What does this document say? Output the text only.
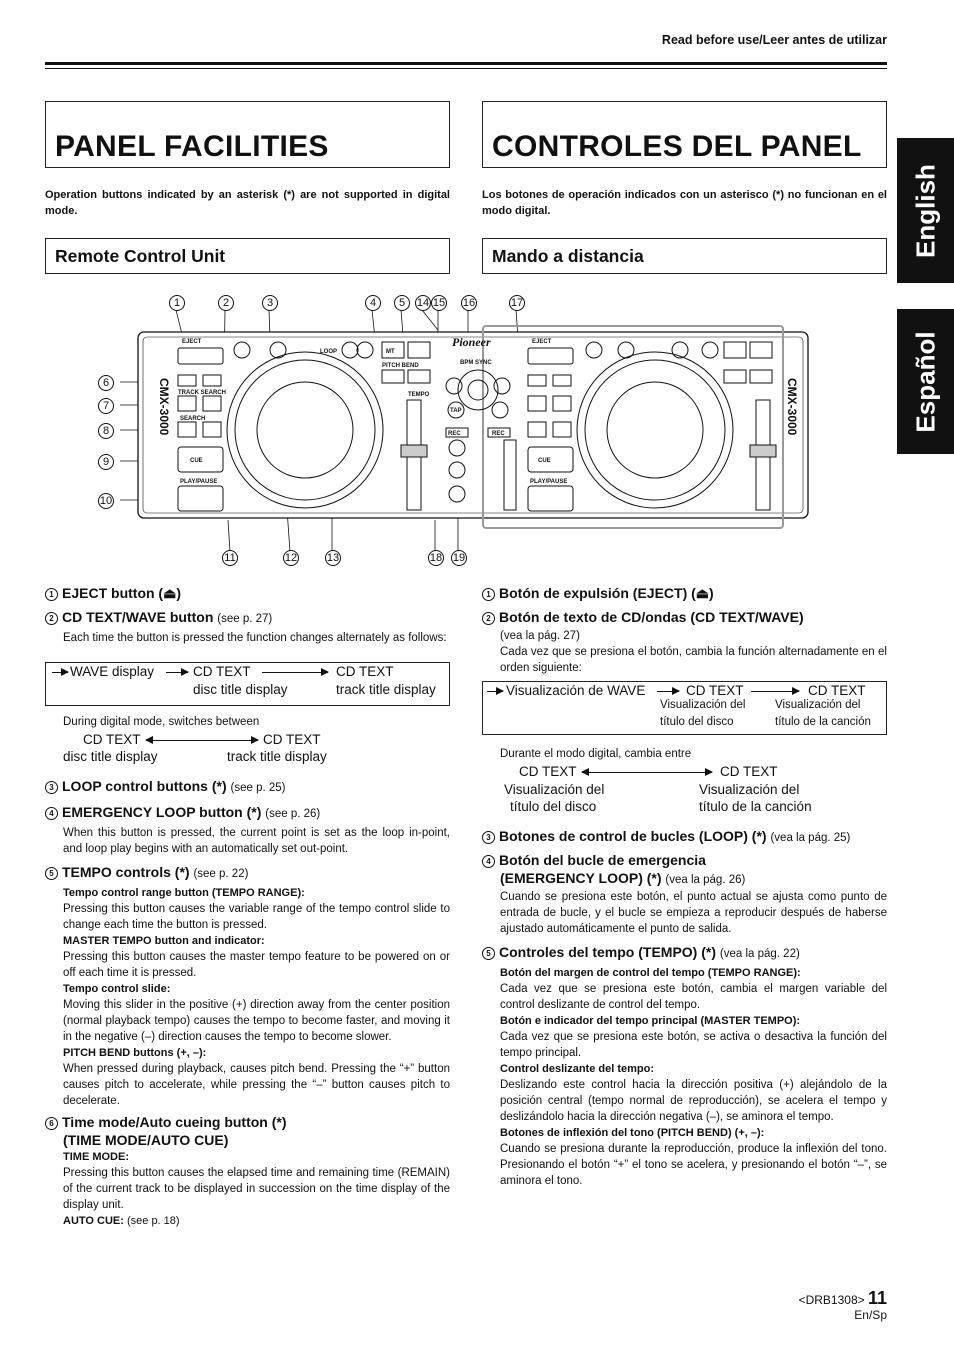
Read before use/Leer antes de utilizar
PANEL FACILITIES	CONTROLES DEL PANEL
Operation buttons indicated by an asterisk (*) are not supported in digital mode.
Los botones de operación indicados con un asterisco (*) no funcionan en el modo digital.
Remote Control Unit	Mando a distancia	English
Español
EJECT
CUE
PLAY/PAUSE
TRACK SEARCH
SEARCH
LOOP
PITCH BEND
TEMPO
MT
BPM SYNC
TAP
REC	REC
CUE
EJECT
PLAY/PAUSE
Pioneer
CMX-3000	CMX-3000
1	2	3	4	5	14 15 16	17
6
7
8
9
10
11	12	13	18 19
1 EJECT button (⏏)
2 CD TEXT/WAVE button (see p. 27)
Each time the button is pressed the function changes alternately as follows:
WAVE display	CD TEXT
disc title display
CD TEXT
track title display
During digital mode, switches between
CD TEXT
disc title display
CD TEXT
track title display
3 LOOP control buttons (*) (see p. 25)
4 EMERGENCY LOOP button (*) (see p. 26)
When this button is pressed, the current point is set as the loop in-point, and loop play begins with an automatically set out-point.
5 TEMPO controls (*) (see p. 22)
Tempo control range button (TEMPO RANGE):
Pressing this button causes the variable range of the tempo control slide to change each time the button is pressed.
MASTER TEMPO button and indicator:
Pressing this button causes the master tempo feature to be powered on or off each time it is pressed.
Tempo control slide:
Moving this slider in the positive (+) direction away from the center position (normal playback tempo) causes the tempo to become faster, and moving it in the negative (–) direction causes the tempo to become slower.
PITCH BEND buttons (+, –):
When pressed during playback, causes pitch bend. Pressing the “+” button causes pitch to accelerate, while pressing the “–” button causes pitch to decelerate.
6 Time mode/Auto cueing button (*)
(TIME MODE/AUTO CUE)
TIME MODE:
Pressing this button causes the elapsed time and remaining time (REMAIN) of the current track to be displayed in succession on the time display of the display unit.
AUTO CUE: (see p. 18)
1 Botón de expulsión (EJECT) (⏏)
2 Botón de texto de CD/ondas (CD TEXT/WAVE)
(vea la pág. 27)
Cada vez que se presiona el botón, cambia la función alternadamente en el orden siguiente:
Visualización de WAVE	CD TEXT
Visualización del
título del disco
CD TEXT
Visualización del
título de la canción
Durante el modo digital, cambia entre
CD TEXT
Visualización del
título del disco
CD TEXT
Visualización del
título de la canción
3 Botones de control de bucles (LOOP) (*) (vea la pág. 25)
4 Botón del bucle de emergencia
(EMERGENCY LOOP) (*) (vea la pág. 26)
Cuando se presiona este botón, el punto actual se ajusta como punto de entrada de bucle, y el bucle se empieza a reproducir después de haberse ajustado automáticamente el punto de salida.
5 Controles del tempo (TEMPO) (*) (vea la pág. 22)
Botón del margen de control del tempo (TEMPO RANGE):
Cada vez que se presiona este botón, cambia el margen variable del control deslizante de control del tempo.
Botón e indicador del tempo principal (MASTER TEMPO):
Cada vez que se presiona este botón, se activa o desactiva la función del tempo principal.
Control deslizante del tempo:
Deslizando este control hacia la dirección positiva (+) alejándolo de la posición central (tempo normal de reproducción), se acelera el tempo y deslizándolo hacia la dirección negativa (–), se aminora el tempo.
Botones de inflexión del tono (PITCH BEND) (+, –):
Cuando se presiona durante la reproducción, produce la inflexión del tono. Presionando el botón “+” el tono se acelera, y presionando el botón “–”, se aminora el tono.
<DRB1308> 11
En/Sp
